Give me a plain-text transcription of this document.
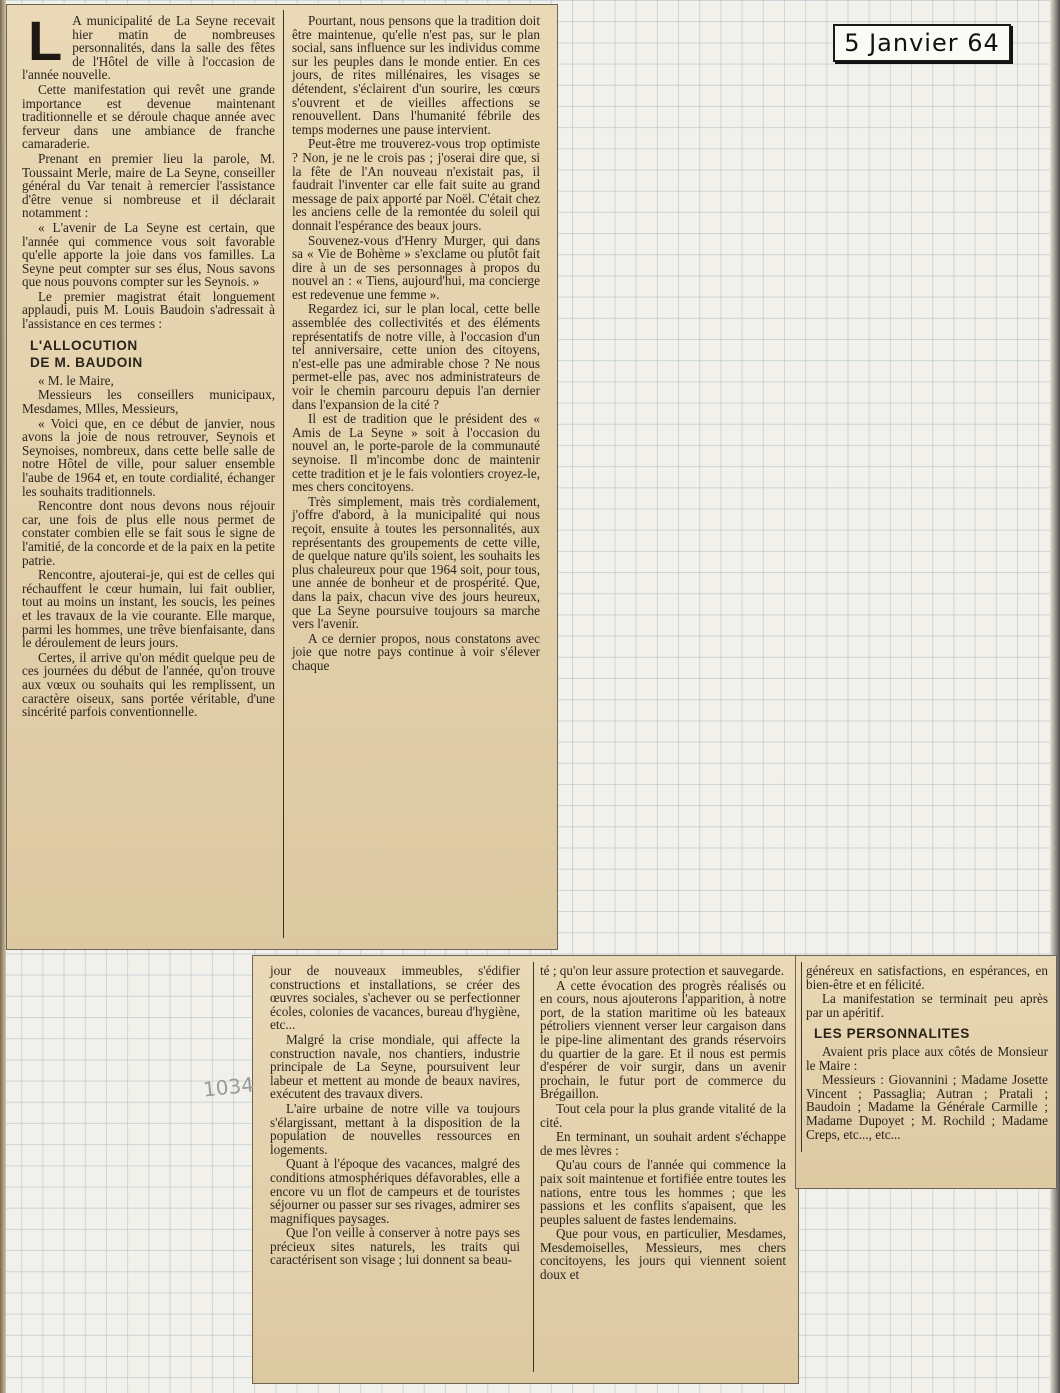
5 Janvier 64
L A municipalité de La Seyne recevait hier matin de nombreuses personnalités, dans la salle des fêtes de l'Hôtel de ville à l'occasion de l'année nouvelle.

Cette manifestation qui revêt une grande importance est devenue maintenant traditionnelle et se déroule chaque année avec ferveur dans une ambiance de franche camaraderie.

Prenant en premier lieu la parole, M. Toussaint Merle, maire de La Seyne, conseiller général du Var tenait à remercier l'assistance d'être venue si nombreuse et il déclarait notamment :

« L'avenir de La Seyne est certain, que l'année qui commence vous soit favorable qu'elle apporte la joie dans vos familles. La Seyne peut compter sur ses élus, Nous savons que nous pouvons compter sur les Seynois. »

Le premier magistrat était longuement applaudi, puis M. Louis Baudoin s'adressait à l'assistance en ces termes :

L'ALLOCUTION
DE M. BAUDOIN

« M. le Maire,

Messieurs les conseillers municipaux, Mesdames, Mlles, Messieurs,

« Voici que, en ce début de janvier, nous avons la joie de nous retrouver, Seynois et Seynoises, nombreux, dans cette belle salle de notre Hôtel de ville, pour saluer ensemble l'aube de 1964 et, en toute cordialité, échanger les souhaits traditionnels.

Rencontre dont nous devons nous réjouir car, une fois de plus elle nous permet de constater combien elle se fait sous le signe de l'amitié, de la concorde et de la paix en la petite patrie.

Rencontre, ajouterai-je, qui est de celles qui réchauffent le cœur humain, lui fait oublier, tout au moins un instant, les soucis, les peines et les travaux de la vie courante. Elle marque, parmi les hommes, une trêve bienfaisante, dans le déroulement de leurs jours.

Certes, il arrive qu'on médit quelque peu de ces journées du début de l'année, qu'on trouve aux vœux ou souhaits qui les remplissent, un caractère oiseux, sans portée véritable, d'une sincérité parfois conventionnelle.

Pourtant, nous pensons que la tradition doit être maintenue, qu'elle n'est pas, sur le plan social, sans influence sur les individus comme sur les peuples dans le monde entier. En ces jours, de rites millénaires, les visages se détendent, s'éclairent d'un sourire, les cœurs s'ouvrent et de vieilles affections se renouvellent. Dans l'humanité fébrile des temps modernes une pause intervient.

Peut-être me trouverez-vous trop optimiste ? Non, je ne le crois pas ; j'oserai dire que, si la fête de l'An nouveau n'existait pas, il faudrait l'inventer car elle fait suite au grand message de paix apporté par Noël. C'était chez les anciens celle de la remontée du soleil qui donnait l'espérance des beaux jours.

Souvenez-vous d'Henry Murger, qui dans sa « Vie de Bohème » s'exclame ou plutôt fait dire à un de ses personnages à propos du nouvel an : « Tiens, aujourd'hui, ma concierge est redevenue une femme ».

Regardez ici, sur le plan local, cette belle assemblée des collectivités et des éléments représentatifs de notre ville, à l'occasion d'un tel anniversaire, cette union des citoyens, n'est-elle pas une admirable chose ? Ne nous permet-elle pas, avec nos administrateurs de voir le chemin parcouru depuis l'an dernier dans l'expansion de la cité ?

Il est de tradition que le président des « Amis de La Seyne » soit à l'occasion du nouvel an, le porte-parole de la communauté seynoise. Il m'incombe donc de maintenir cette tradition et je le fais volontiers croyez-le, mes chers concitoyens.

Très simplement, mais très cordialement, j'offre d'abord, à la municipalité qui nous reçoit, ensuite à toutes les personnalités, aux représentants des groupements de cette ville, de quelque nature qu'ils soient, les souhaits les plus chaleureux pour que 1964 soit, pour tous, une année de bonheur et de prospérité. Que, dans la paix, chacun vive des jours heureux, que La Seyne poursuive toujours sa marche vers l'avenir.

A ce dernier propos, nous constatons avec joie que notre pays continue à voir s'élever chaque

jour de nouveaux immeubles, s'édifier constructions et installations, se créer des œuvres sociales, s'achever ou se perfectionner écoles, colonies de vacances, bureau d'hygiène, etc...

Malgré la crise mondiale, qui affecte la construction navale, nos chantiers, industrie principale de La Seyne, poursuivent leur labeur et mettent au monde de beaux navires, exécutent des travaux divers.

L'aire urbaine de notre ville va toujours s'élargissant, mettant à la disposition de la population de nouvelles ressources en logements.

Quant à l'époque des vacances, malgré des conditions atmosphériques défavorables, elle a encore vu un flot de campeurs et de touristes séjourner ou passer sur ses rivages, admirer ses magnifiques paysages.

Que l'on veille à conserver à notre pays ses précieux sites naturels, les traits qui caractérisent son visage ; lui donnent sa beau-

té ; qu'on leur assure protection et sauvegarde.

A cette évocation des progrès réalisés ou en cours, nous ajouterons l'apparition, à notre port, de la station maritime où les bateaux pétroliers viennent verser leur cargaison dans le pipe-line alimentant des grands réservoirs du quartier de la gare. Et il nous est permis d'espérer de voir surgir, dans un avenir prochain, le futur port de commerce du Brégaillon.

Tout cela pour la plus grande vitalité de la cité.

En terminant, un souhait ardent s'échappe de mes lèvres :

Qu'au cours de l'année qui commence la paix soit maintenue et fortifiée entre toutes les nations, entre tous les hommes ; que les passions et les conflits s'apaisent, que les peuples saluent de fastes lendemains.

Que pour vous, en particulier, Mesdames, Mesdemoiselles, Messieurs, mes chers concitoyens, les jours qui viennent soient doux et

généreux en satisfactions, en espérances, en bien-être et en félicité.

La manifestation se terminait peu après par un apéritif.

LES PERSONNALITES

Avaient pris place aux côtés de Monsieur le Maire :

Messieurs : Giovannini ; Madame Josette Vincent ; Passaglia; Autran ; Pratali ; Baudoin ; Madame la Générale Carmille ; Madame Dupoyet ; M. Rochild ; Madame Creps, etc..., etc...

1034
